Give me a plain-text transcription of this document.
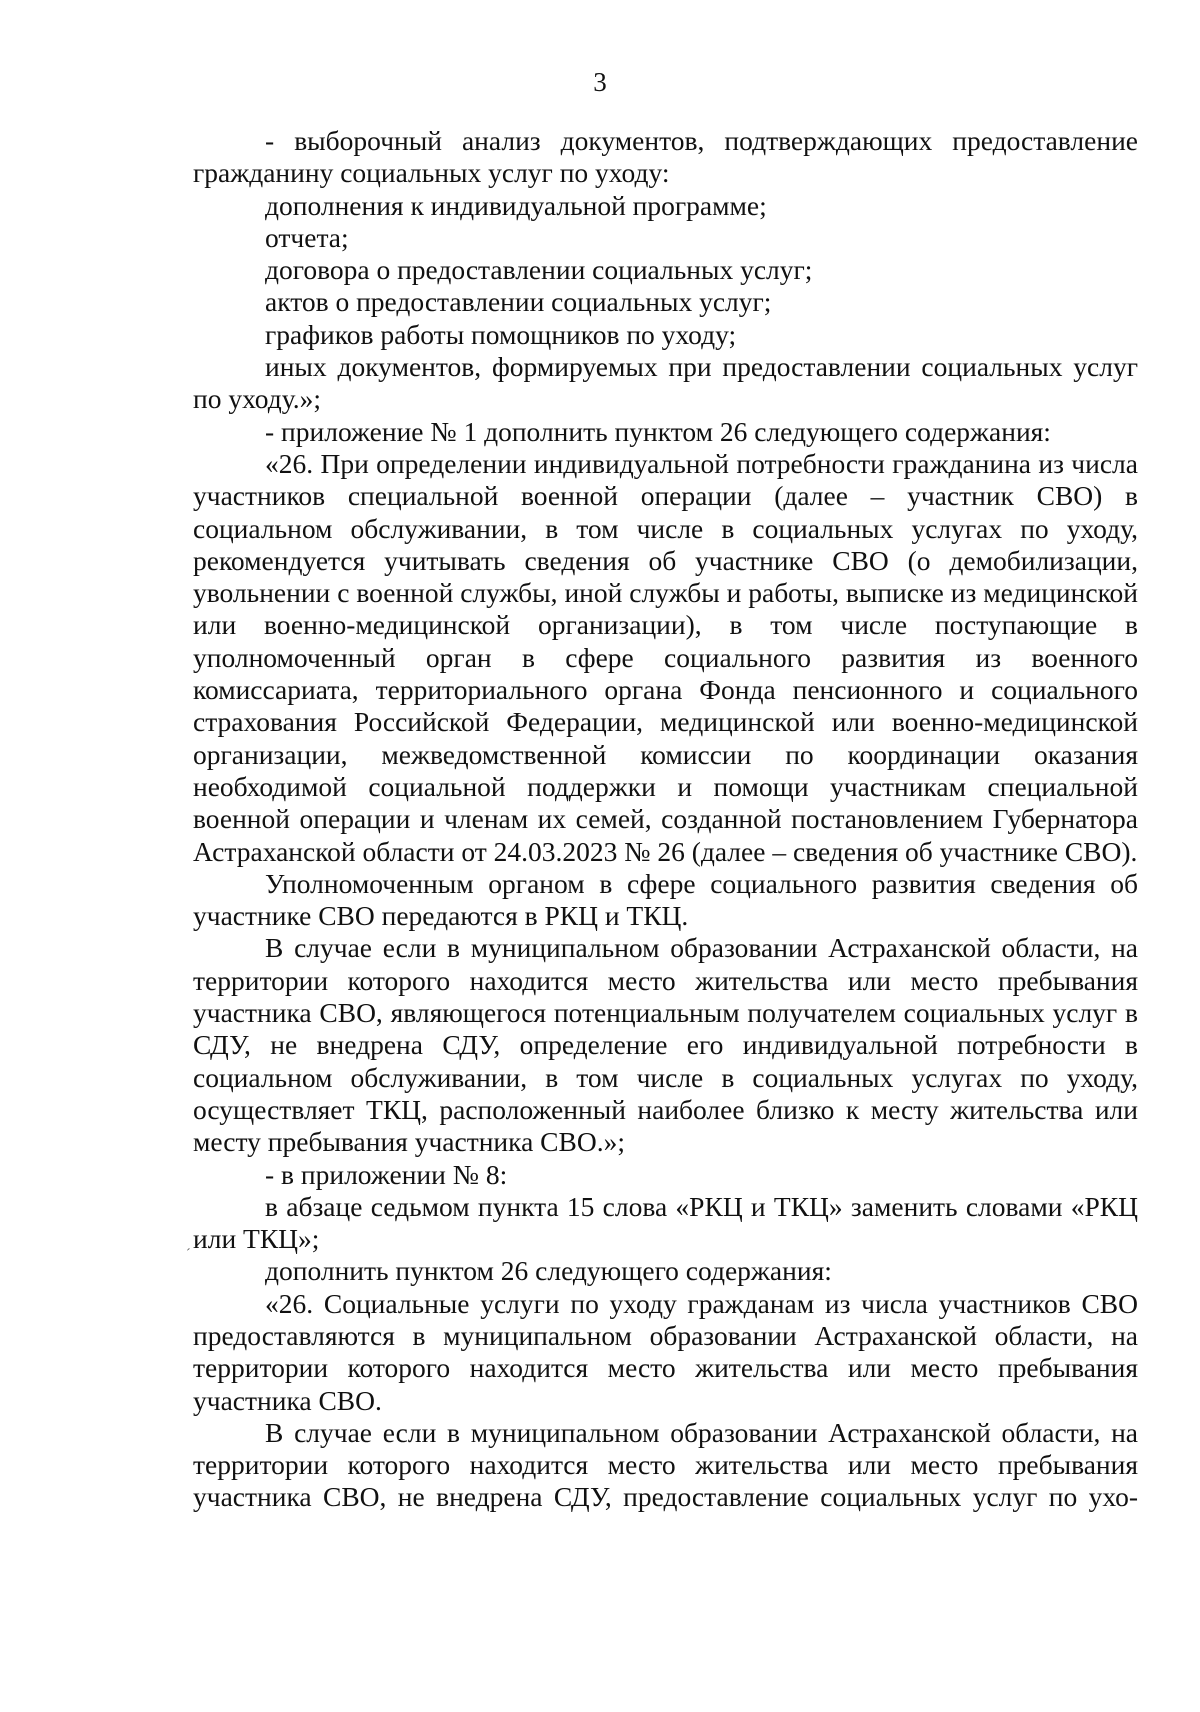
3

- выборочный анализ документов, подтверждающих предоставление гражданину социальных услуг по уходу:

дополнения к индивидуальной программе;

отчета;

договора о предоставлении социальных услуг;

актов о предоставлении социальных услуг;

графиков работы помощников по уходу;

иных документов, формируемых при предоставлении социальных услуг по уходу.»;

- приложение № 1 дополнить пунктом 26 следующего содержания:

«26. При определении индивидуальной потребности гражданина из числа участников специальной военной операции (далее – участник СВО) в социальном обслуживании, в том числе в социальных услугах по уходу, рекомендуется учитывать сведения об участнике СВО (о демобилизации, увольнении с военной службы, иной службы и работы, выписке из медицинской или военно-медицинской организации), в том числе поступающие в уполномоченный орган в сфере социального развития из военного комиссариата, территориального органа Фонда пенсионного и социального страхования Российской Федерации, медицинской или военно-медицинской организации, межведомственной комиссии по координации оказания необходимой социальной поддержки и помощи участникам специальной военной операции и членам их семей, созданной постановлением Губернатора Астраханской области от 24.03.2023 № 26 (далее – сведения об участнике СВО).

Уполномоченным органом в сфере социального развития сведения об участнике СВО передаются в РКЦ и ТКЦ.

В случае если в муниципальном образовании Астраханской области, на территории которого находится место жительства или место пребывания участника СВО, являющегося потенциальным получателем социальных услуг в СДУ, не внедрена СДУ, определение его индивидуальной потребности в социальном обслуживании, в том числе в социальных услугах по уходу, осуществляет ТКЦ, расположенный наиболее близко к месту жительства или месту пребывания участника СВО.»;

- в приложении № 8:

в абзаце седьмом пункта 15 слова «РКЦ и ТКЦ» заменить словами «РКЦ или ТКЦ»;

дополнить пунктом 26 следующего содержания:

«26. Социальные услуги по уходу гражданам из числа участников СВО предоставляются в муниципальном образовании Астраханской области, на территории которого находится место жительства или место пребывания участника СВО.

В случае если в муниципальном образовании Астраханской области, на территории которого находится место жительства или место пребывания участника СВО, не внедрена СДУ, предоставление социальных услуг по ухо-

ˊ
